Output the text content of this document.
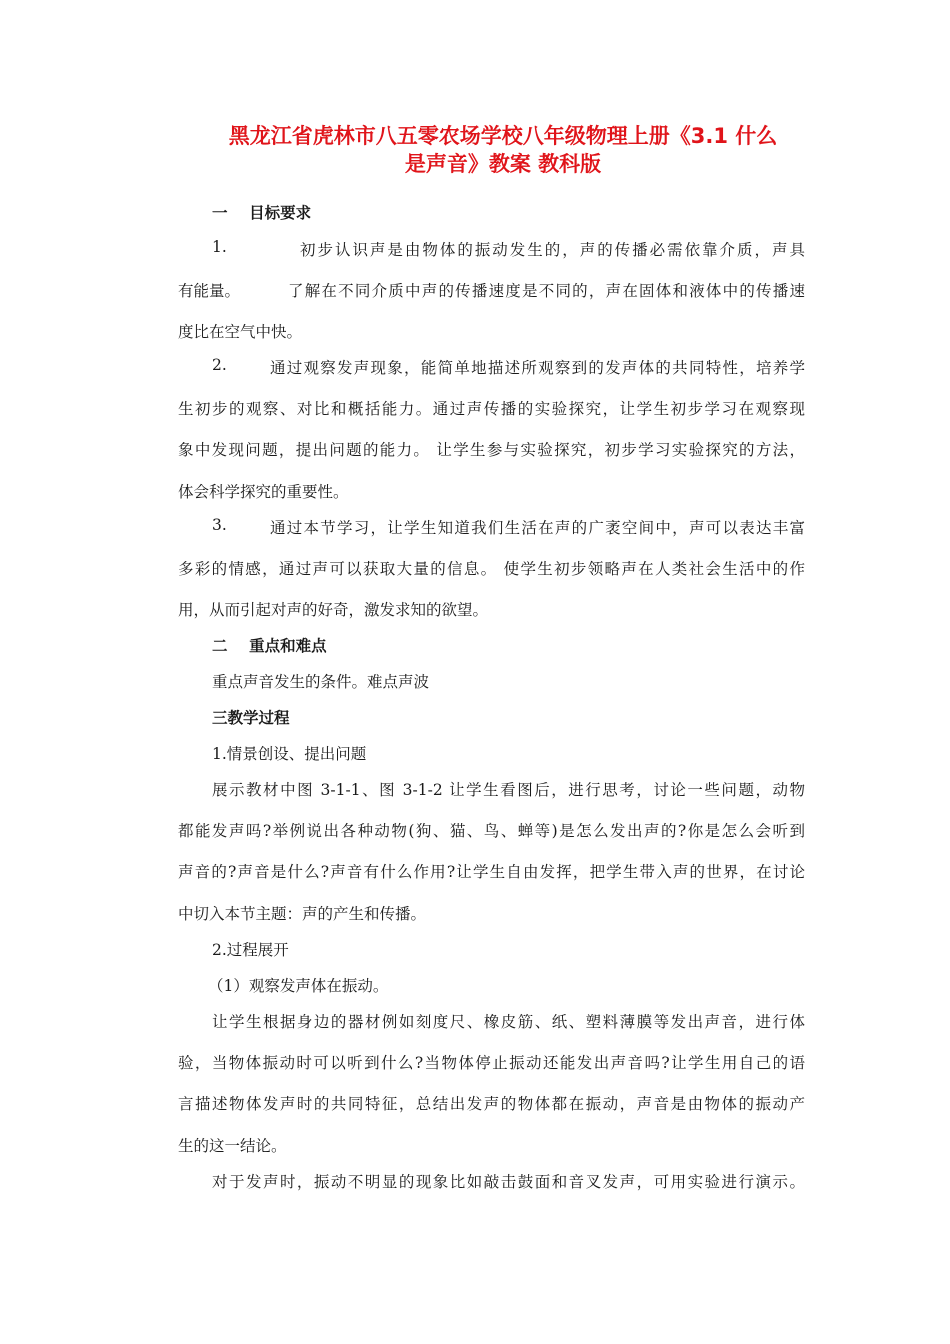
黑龙江省虎林市八五零农场学校八年级物理上册《3.1 什么
是声音》教案 教科版
一    目标要求
1.	初步认识声是由物体的振动发生的，声的传播必需依靠介质，声具
有能量。	了解在不同介质中声的传播速度是不同的，声在固体和液体中的传播速
度比在空气中快。
2.	通过观察发声现象，能简单地描述所观察到的发声体的共同特性，培养学
生初步的观察、对比和概括能力。通过声传播的实验探究，让学生初步学习在观察现
象中发现问题，提出问题的能力。 让学生参与实验探究，初步学习实验探究的方法，
体会科学探究的重要性。
3.	通过本节学习，让学生知道我们生活在声的广袤空间中，声可以表达丰富
多彩的情感，通过声可以获取大量的信息。 使学生初步领略声在人类社会生活中的作
用，从而引起对声的好奇，激发求知的欲望。
二    重点和难点
重点声音发生的条件。难点声波
三教学过程
1.情景创设、提出问题
展示教材中图 3-1-1、图 3-1-2 让学生看图后，进行思考，讨论一些问题，动物
都能发声吗?举例说出各种动物(狗、猫、鸟、蝉等)是怎么发出声的?你是怎么会听到
声音的?声音是什么?声音有什么作用?让学生自由发挥，把学生带入声的世界，在讨论
中切入本节主题：声的产生和传播。
2.过程展开
（1）观察发声体在振动。
让学生根据身边的器材例如刻度尺、橡皮筋、纸、塑料薄膜等发出声音，进行体
验，当物体振动时可以听到什么?当物体停止振动还能发出声音吗?让学生用自己的语
言描述物体发声时的共同特征，总结出发声的物体都在振动，声音是由物体的振动产
生的这一结论。
对于发声时，振动不明显的现象比如敲击鼓面和音叉发声，可用实验进行演示。
